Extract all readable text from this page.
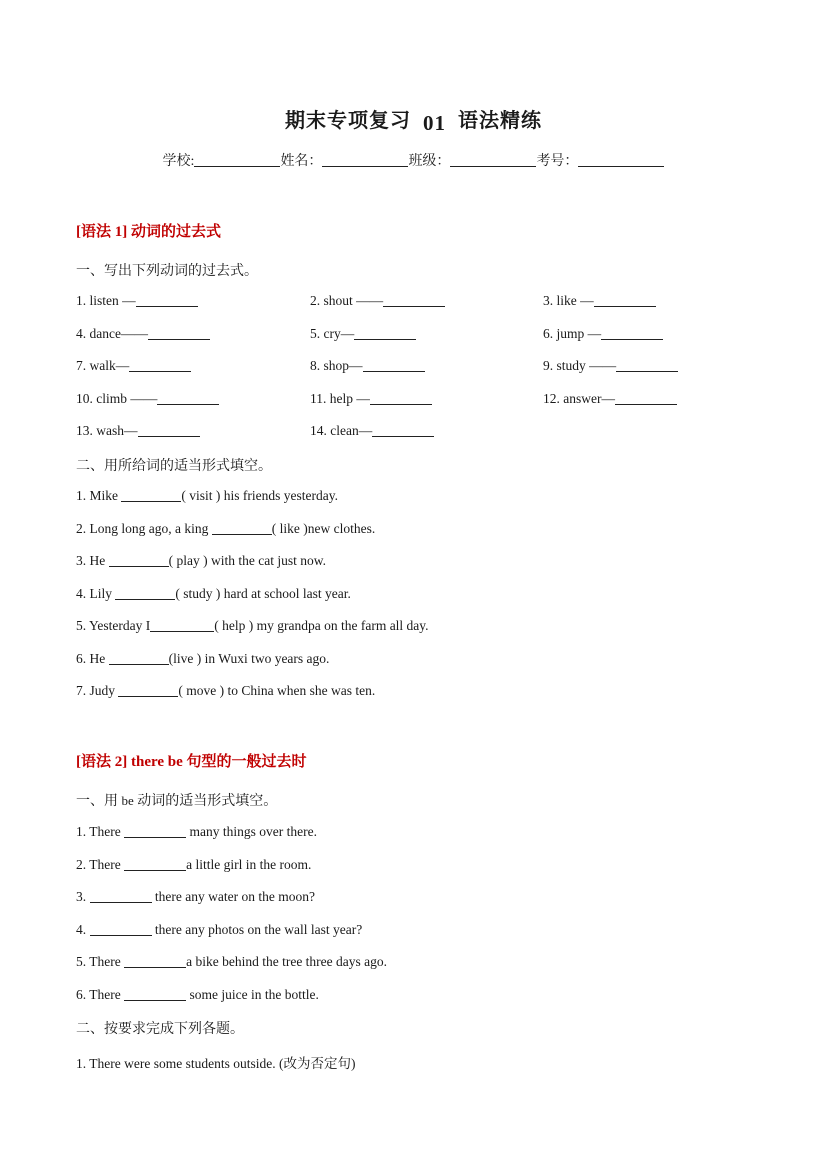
期末专项复习 01 语法精练
学校:	姓名：	班级：	考号：
[语法 1] 动词的过去式
一、写出下列动词的过去式。
1. listen —	2. shout ——	3. like —
4. dance——	5. cry—	6. jump —
7. walk—	8. shop—	9. study ——
10. climb ——	11. help —	12. answer—
13. wash—	14. clean—
二、用所给词的适当形式填空。
1. Mike	( visit ) his friends yesterday.
2. Long long ago, a king	( like )new clothes.
3. He	( play ) with the cat just now.
4. Lily	( study ) hard at school last year.
5. Yesterday I	( help ) my grandpa on the farm all day.
6. He	(live ) in Wuxi two years ago.
7. Judy	( move ) to China when she was ten.
[语法 2] there be 句型的一般过去时
一、用 be 动词的适当形式填空。
1. There	many things over there.
2. There	a little girl in the room.
3.	there any water on the moon?
4.	there any photos on the wall last year?
5. There	a bike behind the tree three days ago.
6. There	some juice in the bottle.
二、按要求完成下列各题。
1. There were some students outside. (改为否定句)
